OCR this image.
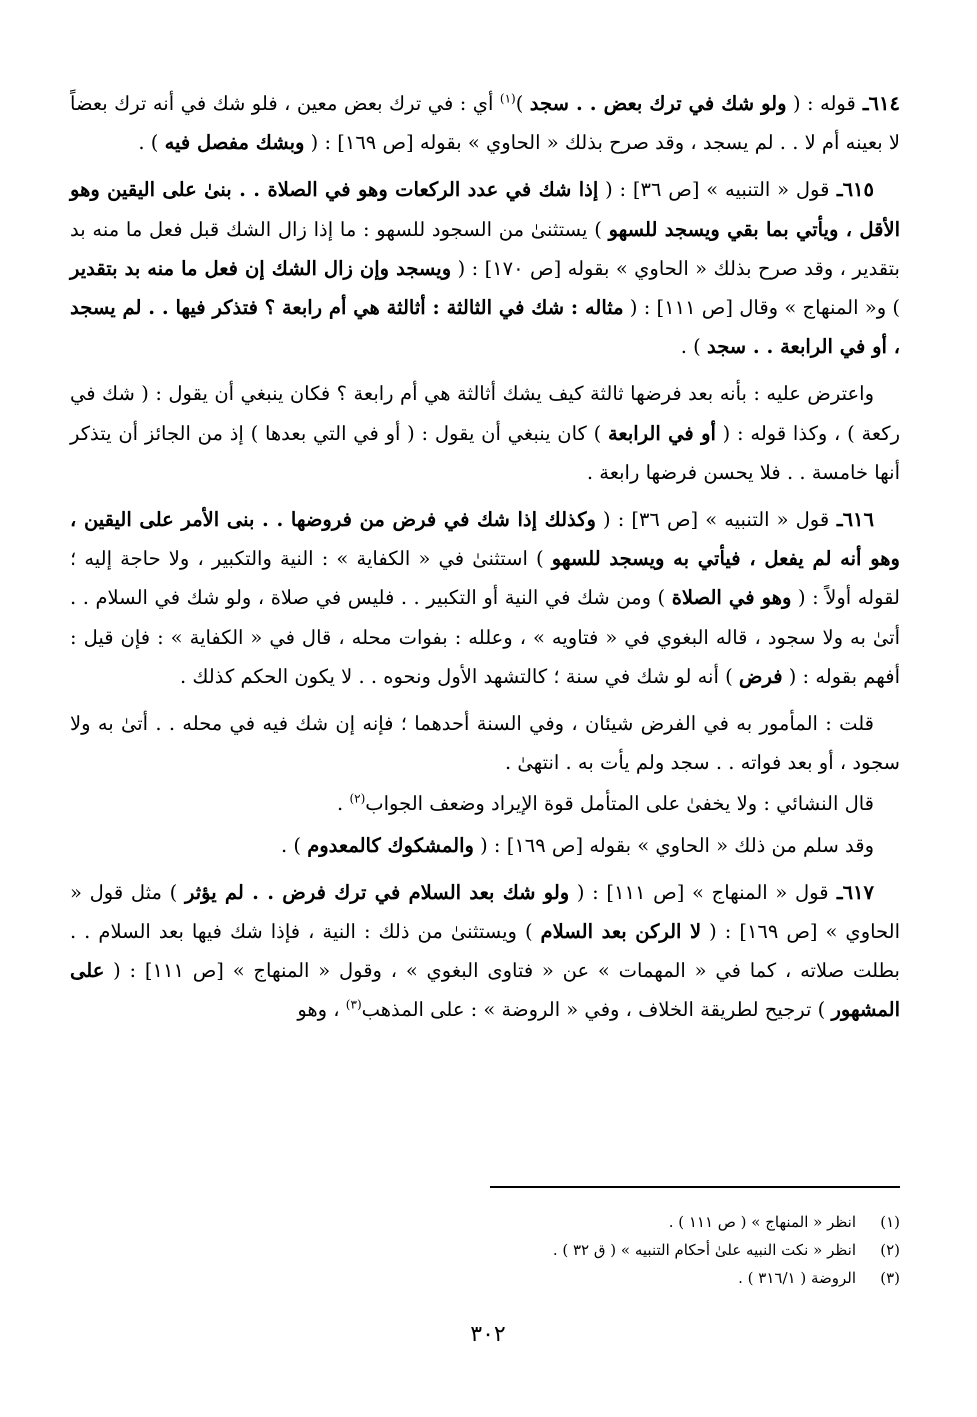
٦١٤ـ قوله : ( ولو شك في ترك بعض . . سجد )$^{(١)}$ أي : في ترك بعض معين ، فلو شك في أنه ترك بعضاً لا بعينه أم لا . . لم يسجد ، وقد صرح بذلك « الحاوي » بقوله [ص ١٦٩] : ( وبشك مفصل فيه ) .

٦١٥ـ قول « التنبيه » [ص ٣٦] : ( إذا شك في عدد الركعات وهو في الصلاة . . بنىٰ على اليقين وهو الأقل ، ويأتي بما بقي ويسجد للسهو ) يستثنىٰ من السجود للسهو : ما إذا زال الشك قبل فعل ما منه بد بتقدير ، وقد صرح بذلك « الحاوي » بقوله [ص ١٧٠] : ( ويسجد وإن زال الشك إن فعل ما منه بد بتقدير ) و« المنهاج » وقال [ص ١١١] : ( مثاله : شك في الثالثة : أثالثة هي أم رابعة ؟ فتذكر فيها . . لم يسجد ، أو في الرابعة . . سجد ) .

واعترض عليه : بأنه بعد فرضها ثالثة كيف يشك أثالثة هي أم رابعة ؟ فكان ينبغي أن يقول : ( شك في ركعة ) ، وكذا قوله : ( أو في الرابعة ) كان ينبغي أن يقول : ( أو في التي بعدها ) إذ من الجائز أن يتذكر أنها خامسة . . فلا يحسن فرضها رابعة .

٦١٦ـ قول « التنبيه » [ص ٣٦] : ( وكذلك إذا شك في فرض من فروضها . . بنى الأمر على اليقين ، وهو أنه لم يفعل ، فيأتي به ويسجد للسهو ) استثنىٰ في « الكفاية » : النية والتكبير ، ولا حاجة إليه ؛ لقوله أولاً : ( وهو في الصلاة ) ومن شك في النية أو التكبير . . فليس في صلاة ، ولو شك في السلام . . أتىٰ به ولا سجود ، قاله البغوي في « فتاويه » ، وعلله : بفوات محله ، قال في « الكفاية » : فإن قيل : أفهم بقوله : ( فرض ) أنه لو شك في سنة ؛ كالتشهد الأول ونحوه . . لا يكون الحكم كذلك .

قلت : المأمور به في الفرض شيئان ، وفي السنة أحدهما ؛ فإنه إن شك فيه في محله . . أتىٰ به ولا سجود ، أو بعد فواته . . سجد ولم يأت به . انتهىٰ .

قال النشائي : ولا يخفىٰ على المتأمل قوة الإيراد وضعف الجواب$^{(٢)}$ .

وقد سلم من ذلك « الحاوي » بقوله [ص ١٦٩] : ( والمشكوك كالمعدوم ) .

٦١٧ـ قول « المنهاج » [ص ١١١] : ( ولو شك بعد السلام في ترك فرض . . لم يؤثر ) مثل قول « الحاوي » [ص ١٦٩] : ( لا الركن بعد السلام ) ويستثنىٰ من ذلك : النية ، فإذا شك فيها بعد السلام . . بطلت صلاته ، كما في « المهمات » عن « فتاوى البغوي » ، وقول « المنهاج » [ص ١١١] : ( على المشهور ) ترجيح لطريقة الخلاف ، وفي « الروضة » : على المذهب$^{(٣)}$ ، وهو

(١)
انظر « المنهاج » ( ص ١١١ ) .
(٢)
انظر « نكت النبيه علىٰ أحكام التنبيه » ( ق ٣٢ ) .
(٣)
الروضة ( ٣١٦/١ ) .
٣٠٢
